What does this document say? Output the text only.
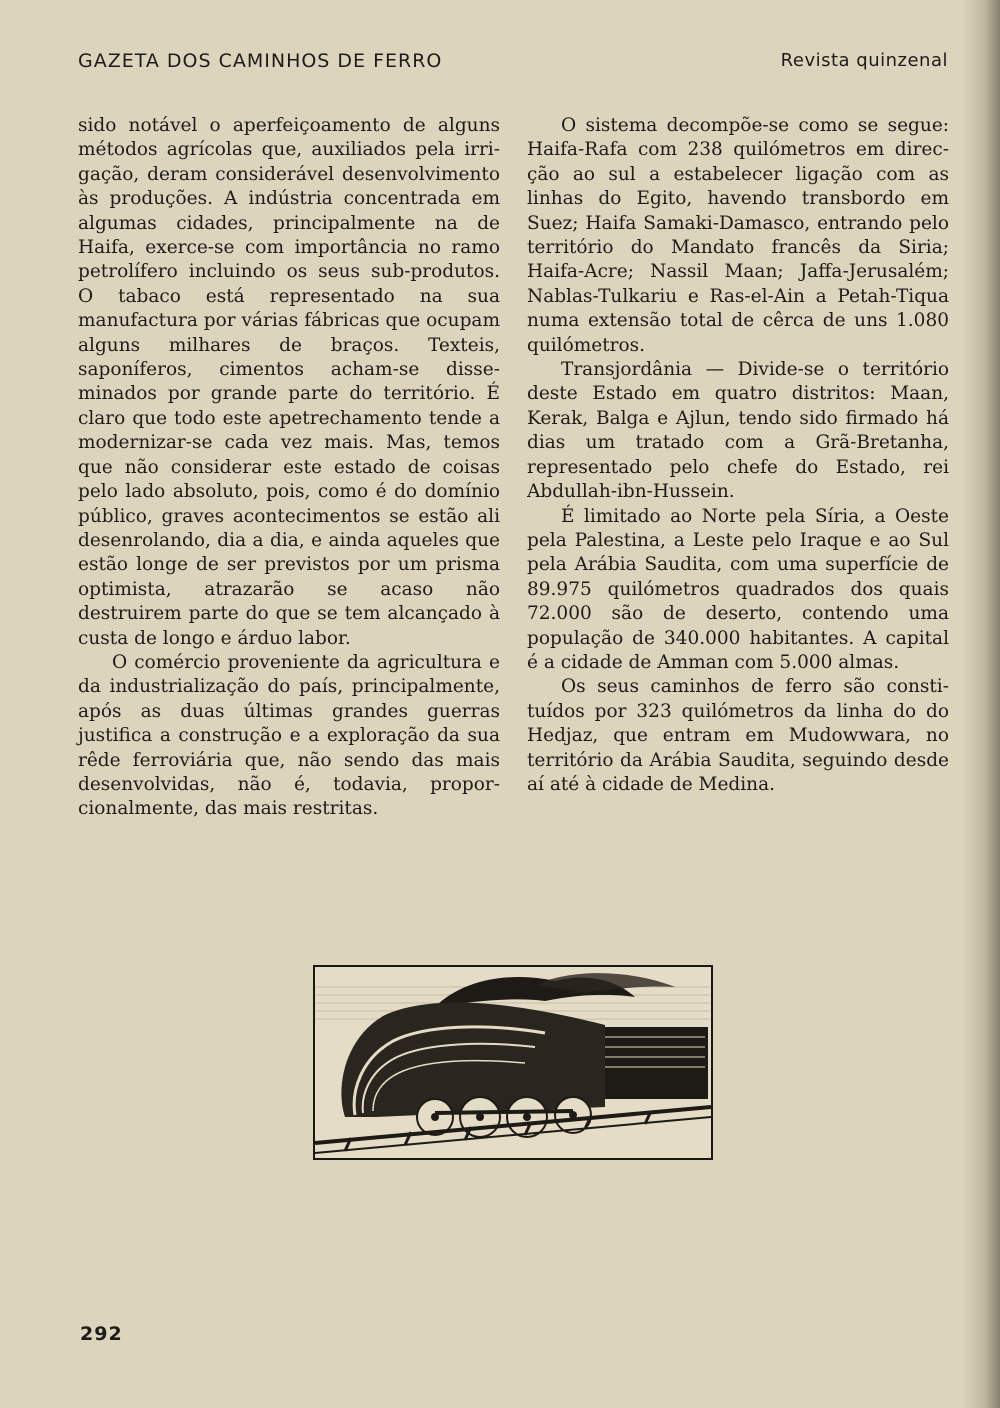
GAZETA DOS CAMINHOS DE FERRO	Revista quinzenal

sido notável o aperfeiçoamento de alguns métodos agrícolas que, auxiliados pela irrigação, deram considerável desenvolvimento às produções. A indústria concentrada em algumas cidades, principalmente na de Haifa, exerce-se com importância no ramo petrolífero incluindo os seus sub-produtos. O tabaco está representado na sua manufactura por várias fábricas que ocupam alguns milhares de braços. Texteis, saponíferos, cimentos acham-se disseminados por grande parte do território. É claro que todo este apetrechamento tende a modernizar-se cada vez mais. Mas, temos que não considerar este estado de coisas pelo lado absoluto, pois, como é do domínio público, graves acontecimentos se estão ali desenrolando, dia a dia, e ainda aqueles que estão longe de ser previstos por um prisma optimista, atrazarão se acaso não destruirem parte do que se tem alcançado à custa de longo e árduo labor.

O comércio proveniente da agricultura e da industrialização do país, principalmente, após as duas últimas grandes guerras justifica a construção e a exploração da sua rêde ferroviária que, não sendo das mais desenvolvidas, não é, todavia, proporcionalmente, das mais restritas.

O sistema decompõe-se como se segue: Haifa-Rafa com 238 quilómetros em direcção ao sul a estabelecer ligação com as linhas do Egito, havendo transbordo em Suez; Haifa Samaki-Damasco, entrando pelo território do Mandato francês da Siria; Haifa-Acre; Nassil Maan; Jaffa-Jerusalém; Nablas-Tulkariu e Ras-el-Ain a Petah-Tiqua numa extensão total de cêrca de uns 1.080 quilómetros.

Transjordânia — Divide-se o território deste Estado em quatro distritos: Maan, Kerak, Balga e Ajlun, tendo sido firmado há dias um tratado com a Grã-Bretanha, representado pelo chefe do Estado, rei Abdullah-ibn-Hussein.

É limitado ao Norte pela Síria, a Oeste pela Palestina, a Leste pelo Iraque e ao Sul pela Arábia Saudita, com uma superfície de 89.975 quilómetros quadrados dos quais 72.000 são de deserto, contendo uma população de 340.000 habitantes. A capital é a cidade de Amman com 5.000 almas.

Os seus caminhos de ferro são constituídos por 323 quilómetros da linha do do Hedjaz, que entram em Mudowwara, no território da Arábia Saudita, seguindo desde aí até à cidade de Medina.

292
